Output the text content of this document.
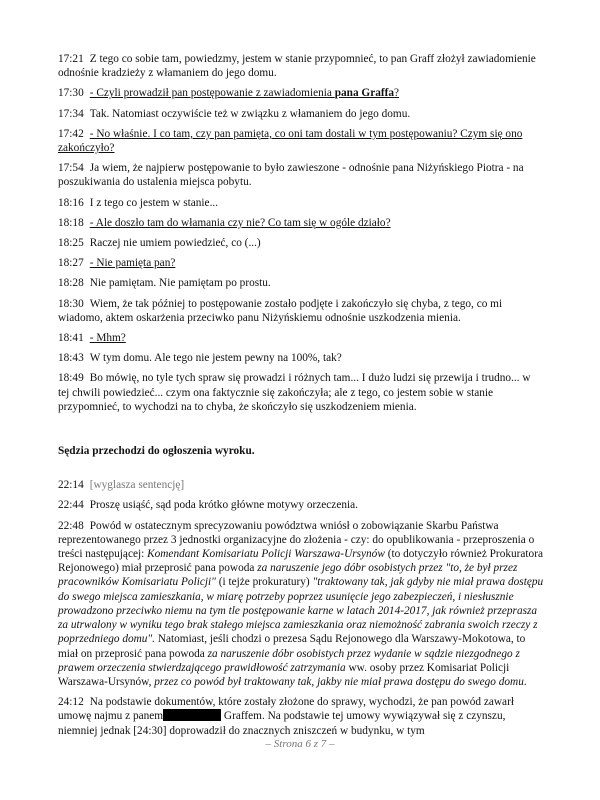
17:21 Z tego co sobie tam, powiedzmy, jestem w stanie przypomnieć, to pan Graff złożył zawiadomienie odnośnie kradzieży z włamaniem do jego domu.

17:30 - Czyli prowadził pan postępowanie z zawiadomienia pana Graffa?

17:34 Tak. Natomiast oczywiście też w związku z włamaniem do jego domu.

17:42 - No właśnie. I co tam, czy pan pamięta, co oni tam dostali w tym postępowaniu? Czym się ono zakończyło?

17:54 Ja wiem, że najpierw postępowanie to było zawieszone - odnośnie pana Niżyńskiego Piotra - na poszukiwania do ustalenia miejsca pobytu.

18:16 I z tego co jestem w stanie...

18:18 - Ale doszło tam do włamania czy nie? Co tam się w ogóle działo?

18:25 Raczej nie umiem powiedzieć, co (...)

18:27 - Nie pamięta pan?

18:28 Nie pamiętam. Nie pamiętam po prostu.

18:30 Wiem, że tak później to postępowanie zostało podjęte i zakończyło się chyba, z tego, co mi wiadomo, aktem oskarżenia przeciwko panu Niżyńskiemu odnośnie uszkodzenia mienia.

18:41 - Mhm?

18:43 W tym domu. Ale tego nie jestem pewny na 100%, tak?

18:49 Bo mówię, no tyle tych spraw się prowadzi i różnych tam... I dużo ludzi się przewija i trudno... w tej chwili powiedzieć... czym ona faktycznie się zakończyła; ale z tego, co jestem sobie w stanie przypomnieć, to wychodzi na to chyba, że skończyło się uszkodzeniem mienia.

Sędzia przechodzi do ogłoszenia wyroku.

22:14 [wyglasza sentencję]

22:44 Proszę usiąść, sąd poda krótko główne motywy orzeczenia.

22:48 Powód w ostatecznym sprecyzowaniu powództwa wniósł o zobowiązanie Skarbu Państwa reprezentowanego przez 3 jednostki organizacyjne do złożenia - czy: do opublikowania - przeproszenia o treści następującej: Komendant Komisariatu Policji Warszawa-Ursynów (to dotyczyło również Prokuratora Rejonowego) miał przeprosić pana powoda za naruszenie jego dóbr osobistych przez "to, że był przez pracowników Komisariatu Policji" (i tejże prokuratury) "traktowany tak, jak gdyby nie miał prawa dostępu do swego miejsca zamieszkania, w miarę potrzeby poprzez usunięcie jego zabezpieczeń, i niesłusznie prowadzono przeciwko niemu na tym tle postępowanie karne w latach 2014-2017, jak również przeprasza za utrwalony w wyniku tego brak stałego miejsca zamieszkania oraz niemożność zabrania swoich rzeczy z poprzedniego domu". Natomiast, jeśli chodzi o prezesa Sądu Rejonowego dla Warszawy-Mokotowa, to miał on przeprosić pana powoda za naruszenie dóbr osobistych przez wydanie w sądzie niezgodnego z prawem orzeczenia stwierdzającego prawidłowość zatrzymania ww. osoby przez Komisariat Policji Warszawa-Ursynów, przez co powód był traktowany tak, jakby nie miał prawa dostępu do swego domu.

24:12 Na podstawie dokumentów, które zostały złożone do sprawy, wychodzi, że pan powód zawarł umowę najmu z panem	Graffem. Na podstawie tej umowy wywiązywał się z czynszu, niemniej jednak [24:30] doprowadził do znacznych zniszczeń w budynku, w tym

– Strona 6 z 7 –
